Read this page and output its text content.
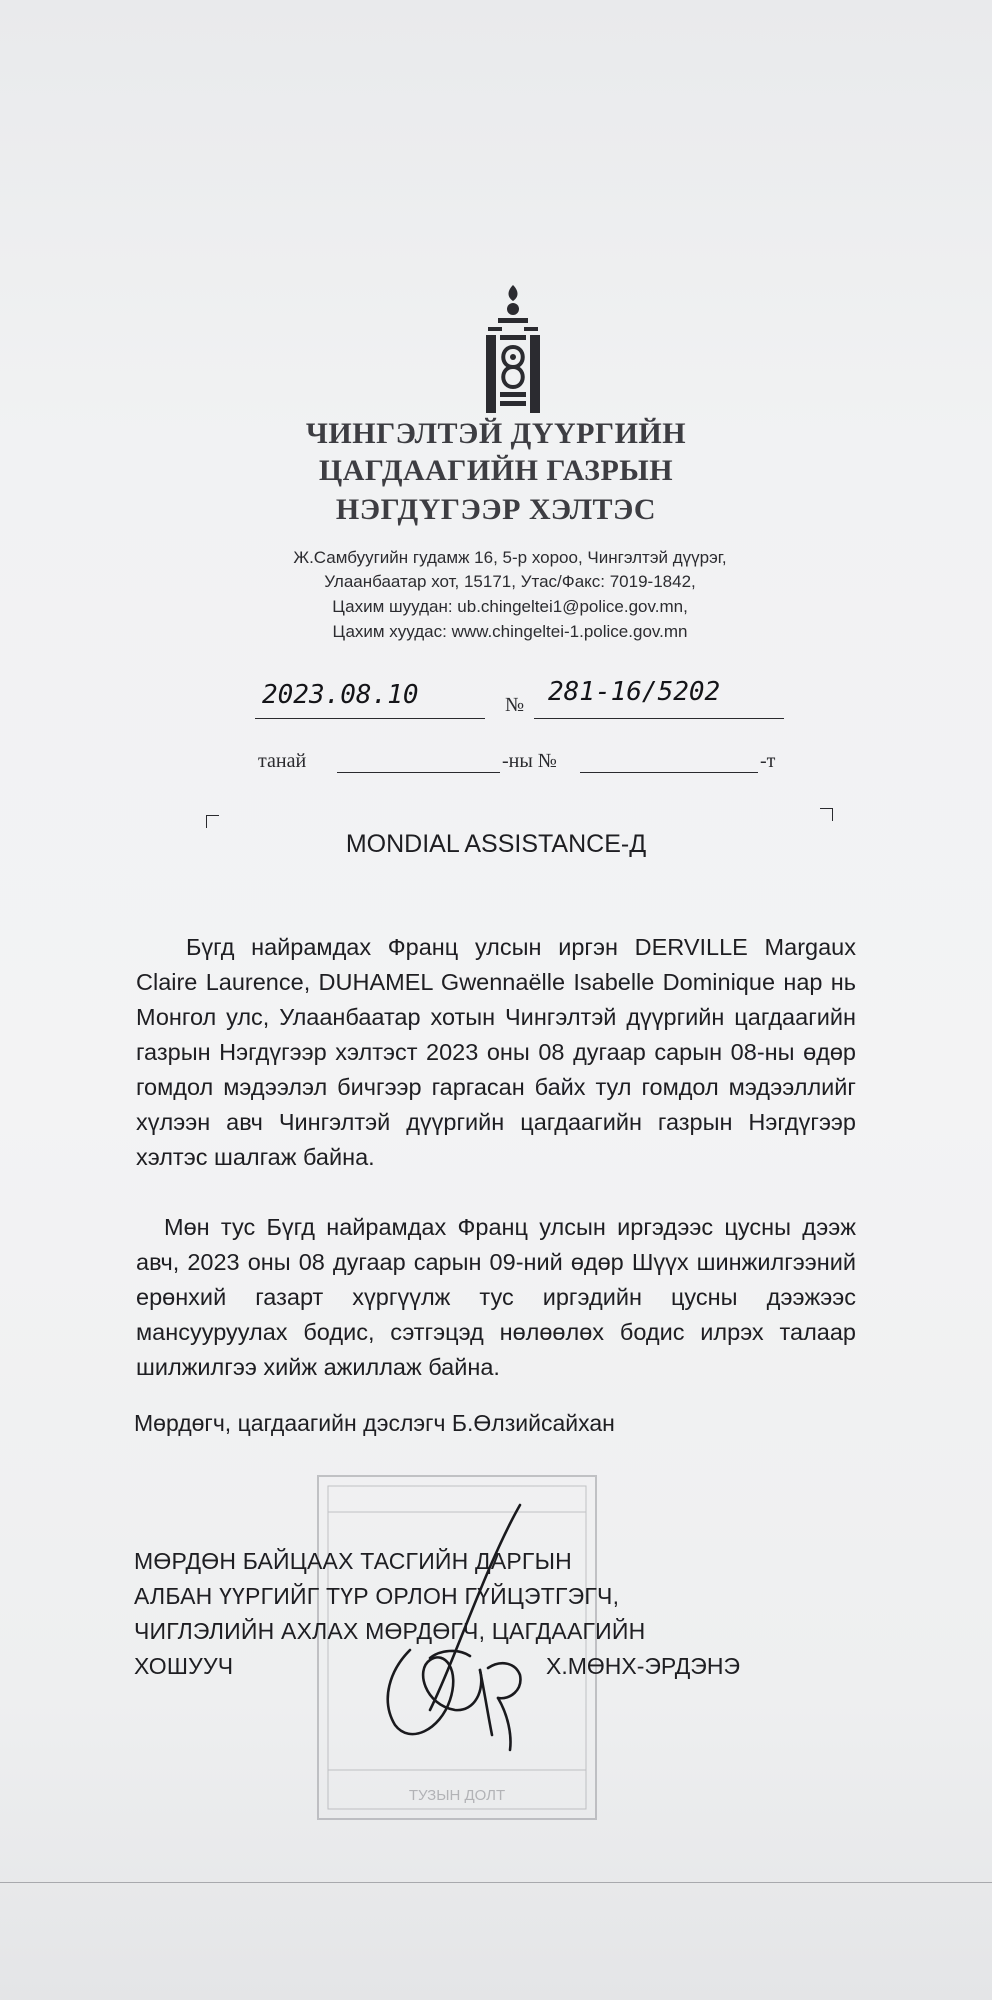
ЧИНГЭЛТЭЙ ДҮҮРГИЙН
ЦАГДААГИЙН ГАЗРЫН
НЭГДҮГЭЭР ХЭЛТЭС
Ж.Самбуугийн гудамж 16, 5-р хороо, Чингэлтэй дүүрэг,
Улаанбаатар хот, 15171, Утас/Факс: 7019-1842,
Цахим шуудан: ub.chingeltei1@police.gov.mn,
Цахим хуудас: www.chingeltei-1.police.gov.mn
2023.08.10	№ 281-16/5202
танай	-ны №	-т
MONDIAL ASSISTANCE-Д
Бүгд найрамдах Франц улсын иргэн DERVILLE Margaux Claire Laurence, DUHAMEL Gwennaëlle Isabelle Dominique нар нь Монгол улс, Улаанбаатар хотын Чингэлтэй дүүргийн цагдаагийн газрын Нэгдүгээр хэлтэст 2023 оны 08 дугаар сарын 08-ны өдөр гомдол мэдээлэл бичгээр гаргасан байх тул гомдол мэдээллийг хүлээн авч Чингэлтэй дүүргийн цагдаагийн газрын Нэгдүгээр хэлтэс шалгаж байна.
Мөн тус Бүгд найрамдах Франц улсын иргэдээс цусны дээж авч, 2023 оны 08 дугаар сарын 09-ний өдөр Шүүх шинжилгээний ерөнхий газарт хүргүүлж тус иргэдийн цусны дээжээс мансууруулах бодис, сэтгэцэд нөлөөлөх бодис илрэх талаар шилжилгээ хийж ажиллаж байна.
Мөрдөгч, цагдаагийн дэслэгч Б.Өлзийсайхан
ТУЗЫН ДОЛТ
МӨРДӨН БАЙЦААХ ТАСГИЙН ДАРГЫН
АЛБАН ҮҮРГИЙГ ТҮР ОРЛОН ГҮЙЦЭТГЭГЧ,
ЧИГЛЭЛИЙН АХЛАХ МӨРДӨГЧ, ЦАГДААГИЙН
ХОШУУЧ	Х.МӨНХ-ЭРДЭНЭ
